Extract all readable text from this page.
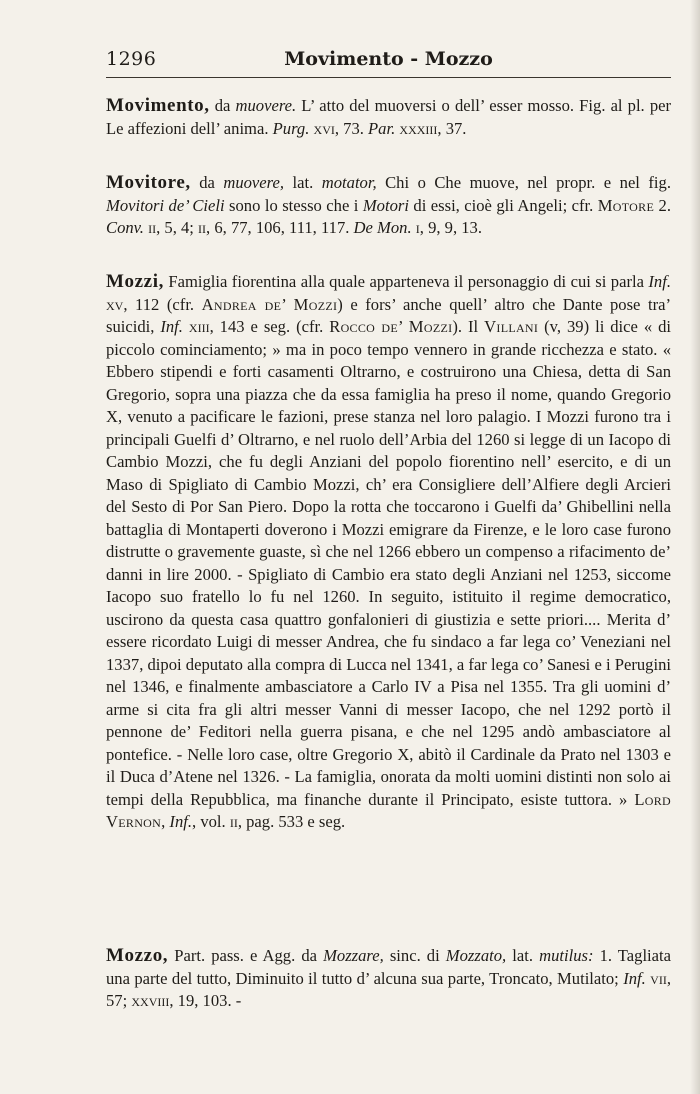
1296	Movimento - Mozzo

Movimento, da muovere. L’ atto del muoversi o dell’ esser mosso. Fig. al pl. per Le affezioni dell’ anima. Purg. xvi, 73. Par. xxxiii, 37.

Movitore, da muovere, lat. motator, Chi o Che muove, nel propr. e nel fig. Movitori de’ Cieli sono lo stesso che i Motori di essi, cioè gli Angeli; cfr. Motore 2. Conv. ii, 5, 4; ii, 6, 77, 106, 111, 117. De Mon. i, 9, 9, 13.

Mozzi, Famiglia fiorentina alla quale apparteneva il personaggio di cui si parla Inf. xv, 112 (cfr. Andrea de’ Mozzi) e fors’ anche quell’ altro che Dante pose tra’ suicidi, Inf. xiii, 143 e seg. (cfr. Rocco de’ Mozzi). Il Villani (v, 39) li dice « di piccolo cominciamento; » ma in poco tempo vennero in grande ricchezza e stato. « Ebbero stipendi e forti casamenti Oltrarno, e costruirono una Chiesa, detta di San Gregorio, sopra una piazza che da essa famiglia ha preso il nome, quando Gregorio X, venuto a pacificare le fazioni, prese stanza nel loro palagio. I Mozzi furono tra i principali Guelfi d’ Oltrarno, e nel ruolo dell’Arbia del 1260 si legge di un Iacopo di Cambio Mozzi, che fu degli Anziani del popolo fiorentino nell’ esercito, e di un Maso di Spigliato di Cambio Mozzi, ch’ era Consigliere dell’Alfiere degli Arcieri del Sesto di Por San Piero. Dopo la rotta che toccarono i Guelfi da’ Ghibellini nella battaglia di Montaperti doverono i Mozzi emigrare da Firenze, e le loro case furono distrutte o gravemente guaste, sì che nel 1266 ebbero un compenso a rifacimento de’ danni in lire 2000. - Spigliato di Cambio era stato degli Anziani nel 1253, siccome Iacopo suo fratello lo fu nel 1260. In seguito, istituito il regime democratico, uscirono da questa casa quattro gonfalonieri di giustizia e sette priori.... Merita d’ essere ricordato Luigi di messer Andrea, che fu sindaco a far lega co’ Veneziani nel 1337, dipoi deputato alla compra di Lucca nel 1341, a far lega co’ Sanesi e i Perugini nel 1346, e finalmente ambasciatore a Carlo IV a Pisa nel 1355. Tra gli uomini d’ arme si cita fra gli altri messer Vanni di messer Iacopo, che nel 1292 portò il pennone de’ Feditori nella guerra pisana, e che nel 1295 andò ambasciatore al pontefice. - Nelle loro case, oltre Gregorio X, abitò il Cardinale da Prato nel 1303 e il Duca d’Atene nel 1326. - La famiglia, onorata da molti uomini distinti non solo ai tempi della Repubblica, ma finanche durante il Principato, esiste tuttora. » Lord Vernon, Inf., vol. ii, pag. 533 e seg.

Mozzo, Part. pass. e Agg. da Mozzare, sinc. di Mozzato, lat. mutilus: 1. Tagliata una parte del tutto, Diminuito il tutto d’ alcuna sua parte, Troncato, Mutilato; Inf. vii, 57; xxviii, 19, 103. -
